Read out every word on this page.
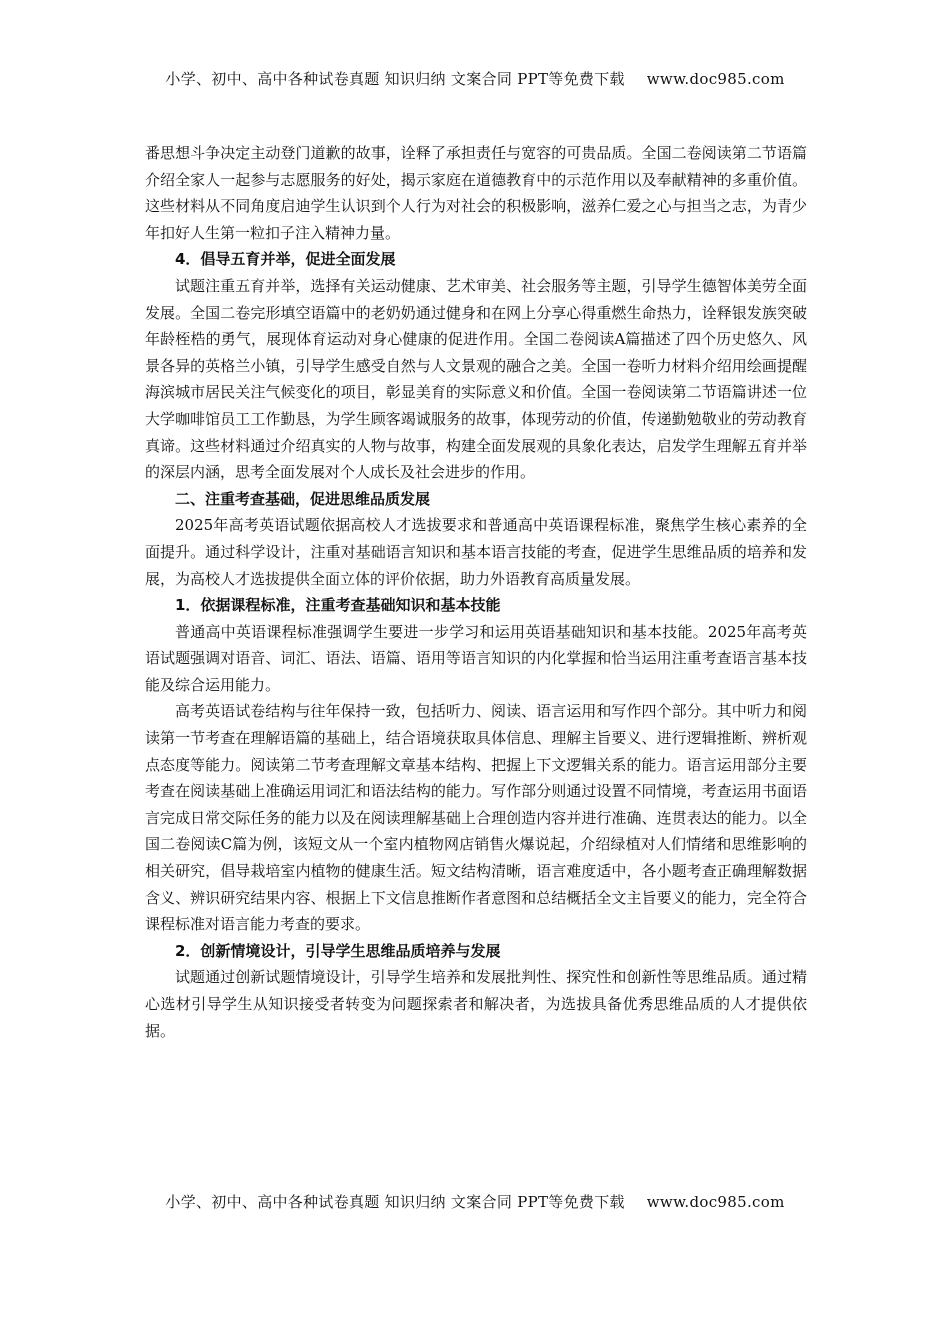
小学、初中、高中各种试卷真题 知识归纳 文案合同 PPT等免费下载 www.doc985.com

番思想斗争决定主动登门道歉的故事，诠释了承担责任与宽容的可贵品质。全国二卷阅读第二节语篇介绍全家人一起参与志愿服务的好处，揭示家庭在道德教育中的示范作用以及奉献精神的多重价值。这些材料从不同角度启迪学生认识到个人行为对社会的积极影响，滋养仁爱之心与担当之志，为青少年扣好人生第一粒扣子注入精神力量。

4．倡导五育并举，促进全面发展

试题注重五育并举，选择有关运动健康、艺术审美、社会服务等主题，引导学生德智体美劳全面发展。全国二卷完形填空语篇中的老奶奶通过健身和在网上分享心得重燃生命热力，诠释银发族突破年龄桎梏的勇气，展现体育运动对身心健康的促进作用。全国二卷阅读A篇描述了四个历史悠久、风景各异的英格兰小镇，引导学生感受自然与人文景观的融合之美。全国一卷听力材料介绍用绘画提醒海滨城市居民关注气候变化的项目，彰显美育的实际意义和价值。全国一卷阅读第二节语篇讲述一位大学咖啡馆员工工作勤恳，为学生顾客竭诚服务的故事，体现劳动的价值，传递勤勉敬业的劳动教育真谛。这些材料通过介绍真实的人物与故事，构建全面发展观的具象化表达，启发学生理解五育并举的深层内涵，思考全面发展对个人成长及社会进步的作用。

二、注重考查基础，促进思维品质发展

2025年高考英语试题依据高校人才选拔要求和普通高中英语课程标准，聚焦学生核心素养的全面提升。通过科学设计，注重对基础语言知识和基本语言技能的考查，促进学生思维品质的培养和发展，为高校人才选拔提供全面立体的评价依据，助力外语教育高质量发展。

1．依据课程标准，注重考查基础知识和基本技能

普通高中英语课程标准强调学生要进一步学习和运用英语基础知识和基本技能。2025年高考英语试题强调对语音、词汇、语法、语篇、语用等语言知识的内化掌握和恰当运用注重考查语言基本技能及综合运用能力。

高考英语试卷结构与往年保持一致，包括听力、阅读、语言运用和写作四个部分。其中听力和阅读第一节考查在理解语篇的基础上，结合语境获取具体信息、理解主旨要义、进行逻辑推断、辨析观点态度等能力。阅读第二节考查理解文章基本结构、把握上下文逻辑关系的能力。语言运用部分主要考查在阅读基础上准确运用词汇和语法结构的能力。写作部分则通过设置不同情境，考查运用书面语言完成日常交际任务的能力以及在阅读理解基础上合理创造内容并进行准确、连贯表达的能力。以全国二卷阅读C篇为例，该短文从一个室内植物网店销售火爆说起，介绍绿植对人们情绪和思维影响的相关研究，倡导栽培室内植物的健康生活。短文结构清晰，语言难度适中，各小题考查正确理解数据含义、辨识研究结果内容、根据上下文信息推断作者意图和总结概括全文主旨要义的能力，完全符合课程标准对语言能力考查的要求。

2．创新情境设计，引导学生思维品质培养与发展

试题通过创新试题情境设计，引导学生培养和发展批判性、探究性和创新性等思维品质。通过精心选材引导学生从知识接受者转变为问题探索者和解决者，为选拔具备优秀思维品质的人才提供依据。

小学、初中、高中各种试卷真题 知识归纳 文案合同 PPT等免费下载 www.doc985.com
